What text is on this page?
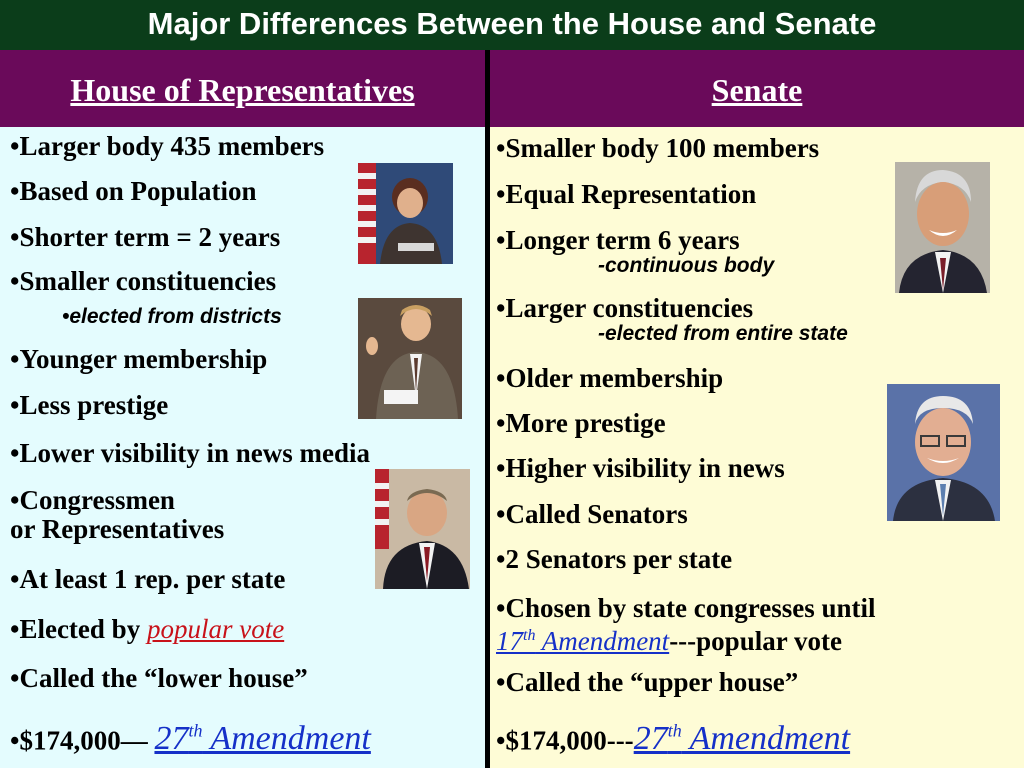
Major Differences Between the House and Senate
House of Representatives	Senate
•Larger body 435 members
•Based on Population
•Shorter term = 2 years
•Smaller constituencies
•elected from districts
•Younger membership
•Less prestige
•Lower visibility in news media
•Congressmen
or Representatives
•At least 1 rep. per state
•Elected by popular vote
•Called the “lower house”
•$174,000— 27th Amendment
•Smaller body 100 members
•Equal Representation
•Longer term 6 years
-continuous body
•Larger constituencies
-elected from entire state
•Older membership
•More prestige
•Higher visibility in news
•Called Senators
•2 Senators per state
•Chosen by state congresses until
17th Amendment---popular vote
•Called the “upper house”
•$174,000---27th Amendment
